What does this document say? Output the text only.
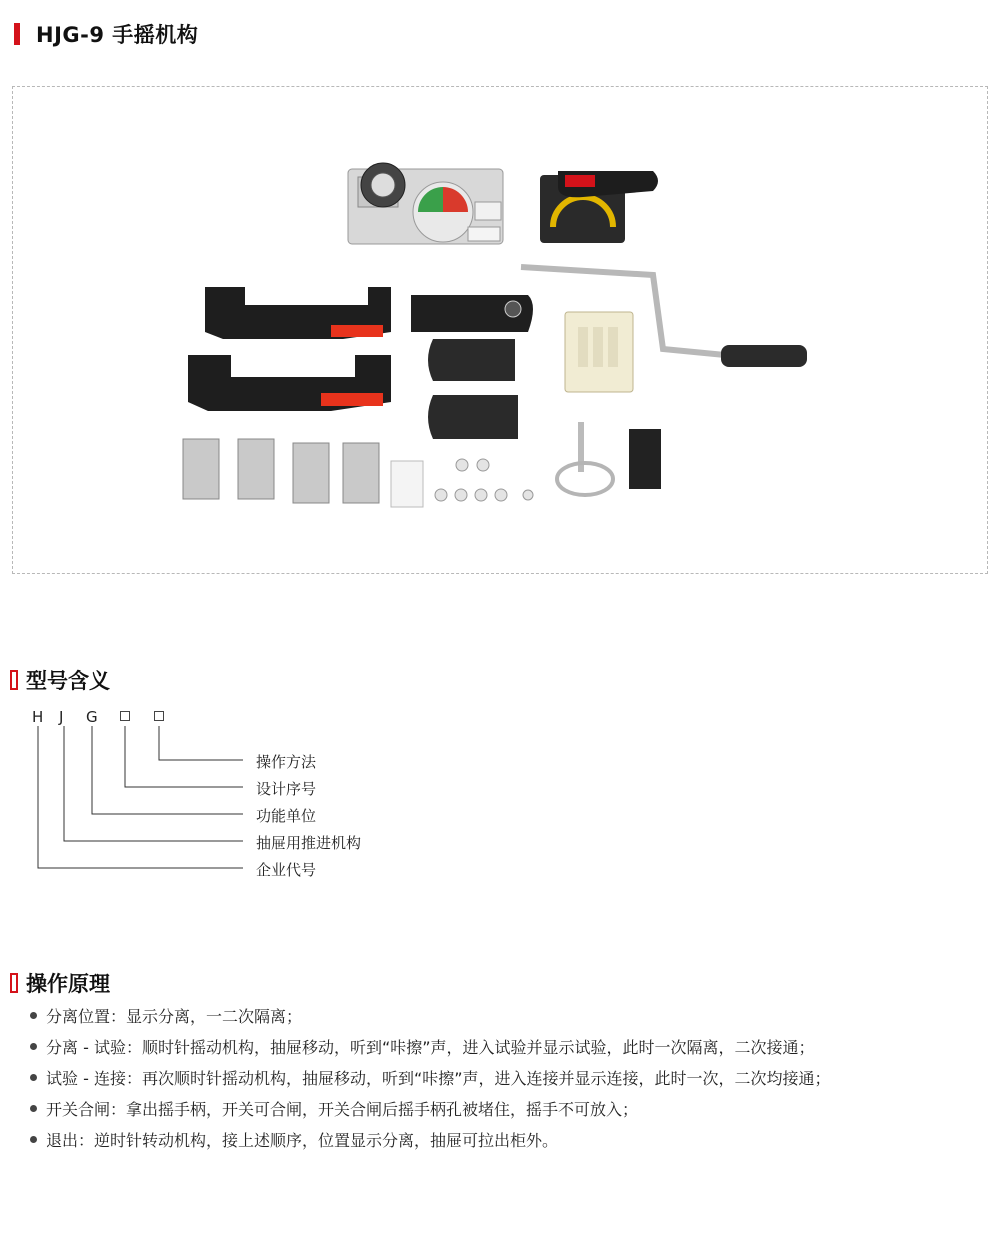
HJG-9 手摇机构
型号含义
H J G
操作方法
设计序号
功能单位
抽屉用推进机构
企业代号
操作原理
分离位置：显示分离，一二次隔离；
分离 - 试验：顺时针摇动机构，抽屉移动，听到“咔擦”声，进入试验并显示试验，此时一次隔离，二次接通；
试验 - 连接：再次顺时针摇动机构，抽屉移动，听到“咔擦”声，进入连接并显示连接，此时一次，二次均接通；
开关合闸：拿出摇手柄，开关可合闸，开关合闸后摇手柄孔被堵住，摇手不可放入；
退出：逆时针转动机构，接上述顺序，位置显示分离，抽屉可拉出柜外。
